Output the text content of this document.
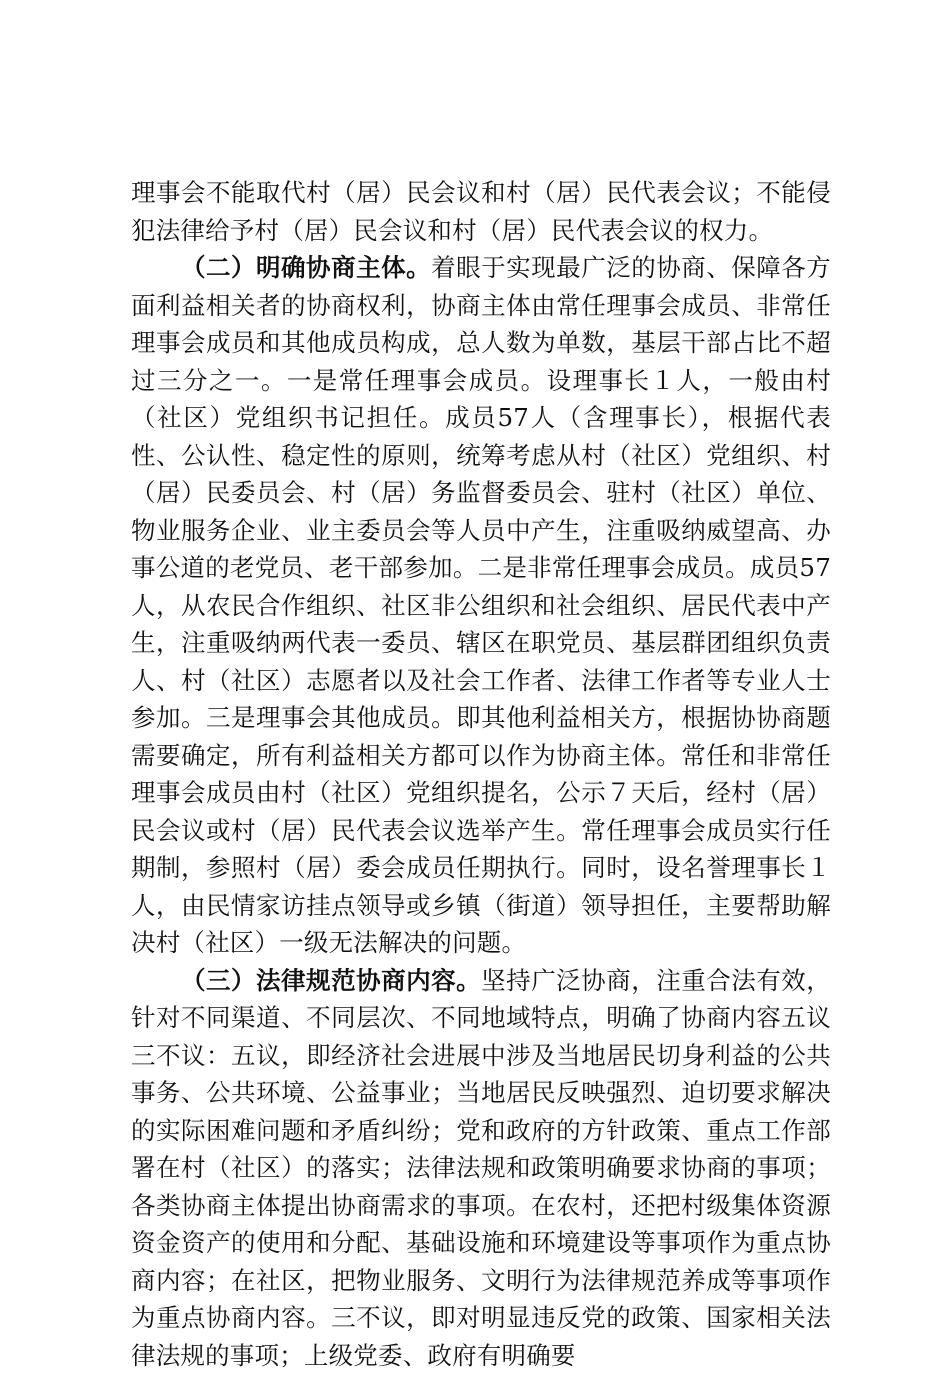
理事会不能取代村（居）民会议和村（居）民代表会议；不能侵犯法律给予村（居）民会议和村（居）民代表会议的权力。

（二）明确协商主体。着眼于实现最广泛的协商、保障各方面利益相关者的协商权利，协商主体由常任理事会成员、非常任理事会成员和其他成员构成，总人数为单数，基层干部占比不超过三分之一。一是常任理事会成员。设理事长１人，一般由村（社区）党组织书记担任。成员57人（含理事长），根据代表性、公认性、稳定性的原则，统筹考虑从村（社区）党组织、村（居）民委员会、村（居）务监督委员会、驻村（社区）单位、物业服务企业、业主委员会等人员中产生，注重吸纳威望高、办事公道的老党员、老干部参加。二是非常任理事会成员。成员57人，从农民合作组织、社区非公组织和社会组织、居民代表中产生，注重吸纳两代表一委员、辖区在职党员、基层群团组织负责人、村（社区）志愿者以及社会工作者、法律工作者等专业人士参加。三是理事会其他成员。即其他利益相关方，根据协协商题需要确定，所有利益相关方都可以作为协商主体。常任和非常任理事会成员由村（社区）党组织提名，公示７天后，经村（居）民会议或村（居）民代表会议选举产生。常任理事会成员实行任期制，参照村（居）委会成员任期执行。同时，设名誉理事长１人，由民情家访挂点领导或乡镇（街道）领导担任，主要帮助解决村（社区）一级无法解决的问题。

（三）法律规范协商内容。坚持广泛协商，注重合法有效，针对不同渠道、不同层次、不同地域特点，明确了协商内容五议三不议：五议，即经济社会进展中涉及当地居民切身利益的公共事务、公共环境、公益事业；当地居民反映强烈、迫切要求解决的实际困难问题和矛盾纠纷；党和政府的方针政策、重点工作部署在村（社区）的落实；法律法规和政策明确要求协商的事项；各类协商主体提出协商需求的事项。在农村，还把村级集体资源资金资产的使用和分配、基础设施和环境建设等事项作为重点协商内容；在社区，把物业服务、文明行为法律规范养成等事项作为重点协商内容。三不议，即对明显违反党的政策、国家相关法律法规的事项；上级党委、政府有明确要
